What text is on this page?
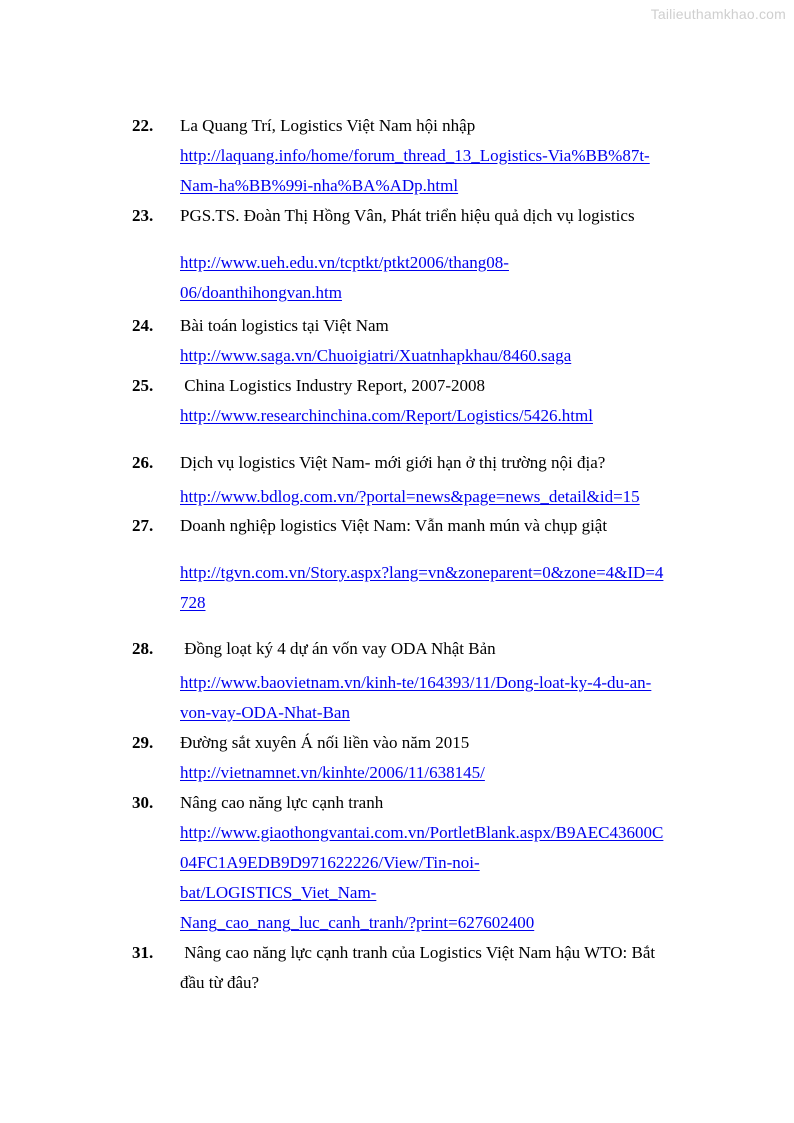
Tailieuthamkhao.com
22. La Quang Trí, Logistics Việt Nam hội nhập
http://laquang.info/home/forum_thread_13_Logistics-Via%BB%87t-
Nam-ha%BB%99i-nha%BA%ADp.html
23. PGS.TS. Đoàn Thị Hồng Vân, Phát triển hiệu quả dịch vụ logistics
http://www.ueh.edu.vn/tcptkt/ptkt2006/thang08-
06/doanthihongvan.htm
24. Bài toán logistics tại Việt Nam
http://www.saga.vn/Chuoigiatri/Xuatnhapkhau/8460.saga
25. China Logistics Industry Report, 2007-2008
http://www.researchinchina.com/Report/Logistics/5426.html
26. Dịch vụ logistics Việt Nam- mới giới hạn ở thị trường nội địa?
http://www.bdlog.com.vn/?portal=news&page=news_detail&id=15
27. Doanh nghiệp logistics Việt Nam: Vẫn manh mún và chụp giật
http://tgvn.com.vn/Story.aspx?lang=vn&zoneparent=0&zone=4&ID=4
728
28. Đồng loạt ký 4 dự án vốn vay ODA Nhật Bản
http://www.baovietnam.vn/kinh-te/164393/11/Dong-loat-ky-4-du-an-
von-vay-ODA-Nhat-Ban
29. Đường sắt xuyên Á nối liền vào năm 2015
http://vietnamnet.vn/kinhte/2006/11/638145/
30. Nâng cao năng lực cạnh tranh
http://www.giaothongvantai.com.vn/PortletBlank.aspx/B9AEC43600C
04FC1A9EDB9D971622226/View/Tin-noi-
bat/LOGISTICS_Viet_Nam-
Nang_cao_nang_luc_canh_tranh/?print=627602400
31. Nâng cao năng lực cạnh tranh của Logistics Việt Nam hậu WTO: Bắt
đầu từ đâu?
